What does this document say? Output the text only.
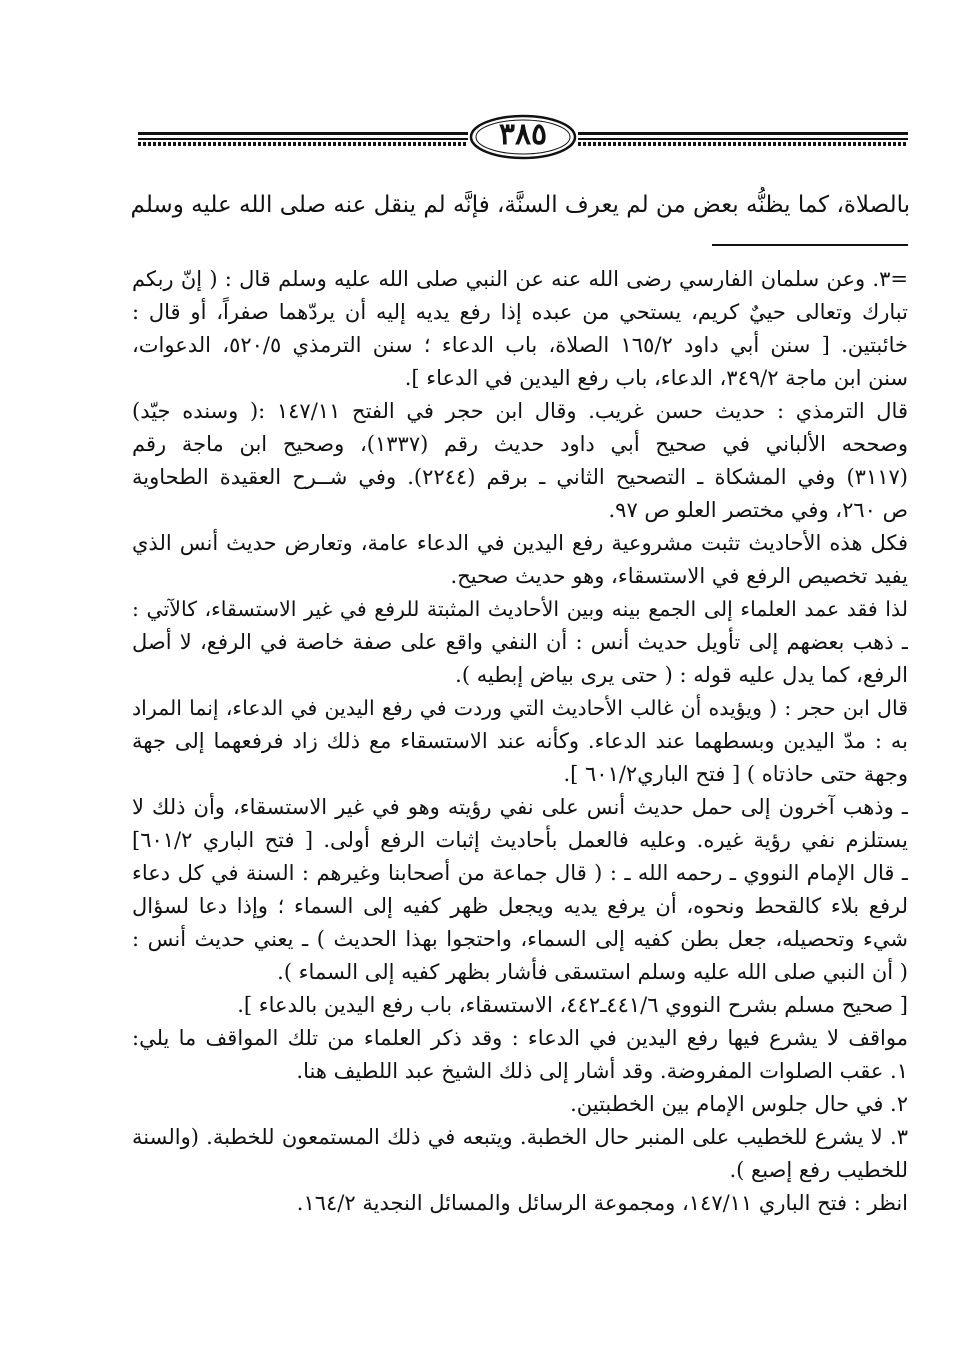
٣٨٥
بالصلاة، كما يظنُّه بعض من لم يعرف السنَّة، فإنَّه لم ينقل عنه صلى الله عليه وسلم
=٣. وعن سلمان الفارسي رضى الله عنه عن النبي صلى الله عليه وسلم قال : ( إنّ ربكم
تبارك وتعالى حييٌ كريم، يستحي من عبده إذا رفع يديه إليه أن يردّهما صفراً، أو قال :
خائبتين. [ سنن أبي داود ١٦٥/٢ الصلاة، باب الدعاء ؛ سنن الترمذي ٥٢٠/٥، الدعوات،
سنن ابن ماجة ٣٤٩/٢، الدعاء، باب رفع اليدين في الدعاء ].
قال الترمذي : حديث حسن غريب. وقال ابن حجر في الفتح ١٤٧/١١ :( وسنده جيّد)
وصححه الألباني في صحيح أبي داود حديث رقم (١٣٣٧)، وصحيح ابن ماجة رقم
(٣١١٧) وفي المشكاة ـ التصحيح الثاني ـ برقم (٢٢٤٤). وفي شــرح العقيدة الطحاوية
ص ٢٦٠، وفي مختصر العلو ص ٩٧.
فكل هذه الأحاديث تثبت مشروعية رفع اليدين في الدعاء عامة، وتعارض حديث أنس الذي
يفيد تخصيص الرفع في الاستسقاء، وهو حديث صحيح.
لذا فقد عمد العلماء إلى الجمع بينه وبين الأحاديث المثبتة للرفع في غير الاستسقاء، كالآتي :
ـ ذهب بعضهم إلى تأويل حديث أنس : أن النفي واقع على صفة خاصة في الرفع، لا أصل
الرفع، كما يدل عليه قوله : ( حتى يرى بياض إبطيه ).
قال ابن حجر : ( ويؤيده أن غالب الأحاديث التي وردت في رفع اليدين في الدعاء، إنما المراد
به : مدّ اليدين وبسطهما عند الدعاء. وكأنه عند الاستسقاء مع ذلك زاد فرفعهما إلى جهة
وجهة حتى حاذتاه ) [ فتح الباري٦٠١/٢ ].
ـ وذهب آخرون إلى حمل حديث أنس على نفي رؤيته وهو في غير الاستسقاء، وأن ذلك لا
يستلزم نفي رؤية غيره. وعليه فالعمل بأحاديث إثبات الرفع أولى. [ فتح الباري ٦٠١/٢]
ـ قال الإمام النووي ـ رحمه الله ـ : ( قال جماعة من أصحابنا وغيرهم : السنة في كل دعاء
لرفع بلاء كالقحط ونحوه، أن يرفع يديه ويجعل ظهر كفيه إلى السماء ؛ وإذا دعا لسؤال
شيء وتحصيله، جعل بطن كفيه إلى السماء، واحتجوا بهذا الحديث ) ـ يعني حديث أنس :
( أن النبي صلى الله عليه وسلم استسقى فأشار بظهر كفيه إلى السماء ).
[ صحيح مسلم بشرح النووي ٤٤١/٦ـ٤٤٢، الاستسقاء، باب رفع اليدين بالدعاء ].
مواقف لا يشرع فيها رفع اليدين في الدعاء : وقد ذكر العلماء من تلك المواقف ما يلي:
١. عقب الصلوات المفروضة. وقد أشار إلى ذلك الشيخ عبد اللطيف هنا.
٢. في حال جلوس الإمام بين الخطبتين.
٣. لا يشرع للخطيب على المنبر حال الخطبة. ويتبعه في ذلك المستمعون للخطبة. (والسنة
للخطيب رفع إصبع ).
انظر : فتح الباري ١٤٧/١١، ومجموعة الرسائل والمسائل النجدية ١٦٤/٢.
